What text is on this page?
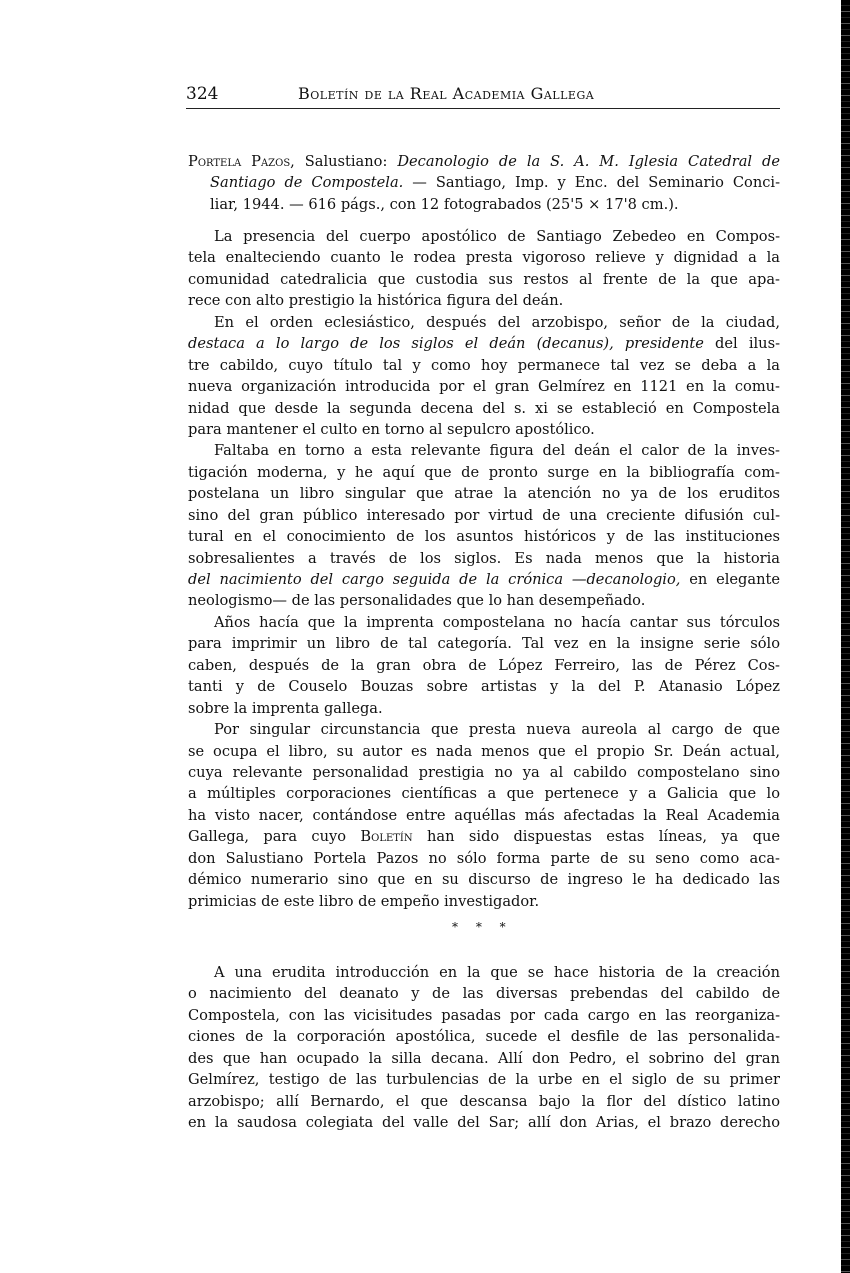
324	Boletín de la Real Academia Gallega
Portela Pazos, Salustiano: Decanologio de la S. A. M. Iglesia Catedral de
Santiago de Compostela. — Santiago, Imp. y Enc. del Seminario Conci-
liar, 1944. — 616 págs., con 12 fotograbados (25'5 × 17'8 cm.).
La presencia del cuerpo apostólico de Santiago Zebedeo en Compos-
tela enalteciendo cuanto le rodea presta vigoroso relieve y dignidad a la
comunidad catedralicia que custodia sus restos al frente de la que apa-
rece con alto prestigio la histórica figura del deán.
En el orden eclesiástico, después del arzobispo, señor de la ciudad,
destaca a lo largo de los siglos el deán (decanus), presidente del ilus-
tre cabildo, cuyo título tal y como hoy permanece tal vez se deba a la
nueva organización introducida por el gran Gelmírez en 1121 en la comu-
nidad que desde la segunda decena del s. xi se estableció en Compostela
para mantener el culto en torno al sepulcro apostólico.
Faltaba en torno a esta relevante figura del deán el calor de la inves-
tigación moderna, y he aquí que de pronto surge en la bibliografía com-
postelana un libro singular que atrae la atención no ya de los eruditos
sino del gran público interesado por virtud de una creciente difusión cul-
tural en el conocimiento de los asuntos históricos y de las instituciones
sobresalientes a través de los siglos. Es nada menos que la historia
del nacimiento del cargo seguida de la crónica —decanologio, en elegante
neologismo— de las personalidades que lo han desempeñado.
Años hacía que la imprenta compostelana no hacía cantar sus tórculos
para imprimir un libro de tal categoría. Tal vez en la insigne serie sólo
caben, después de la gran obra de López Ferreiro, las de Pérez Cos-
tanti y de Couselo Bouzas sobre artistas y la del P. Atanasio López
sobre la imprenta gallega.
Por singular circunstancia que presta nueva aureola al cargo de que
se ocupa el libro, su autor es nada menos que el propio Sr. Deán actual,
cuya relevante personalidad prestigia no ya al cabildo compostelano sino
a múltiples corporaciones científicas a que pertenece y a Galicia que lo
ha visto nacer, contándose entre aquéllas más afectadas la Real Academia
Gallega, para cuyo Boletín han sido dispuestas estas líneas, ya que
don Salustiano Portela Pazos no sólo forma parte de su seno como aca-
démico numerario sino que en su discurso de ingreso le ha dedicado las
primicias de este libro de empeño investigador.
* * *
A una erudita introducción en la que se hace historia de la creación
o nacimiento del deanato y de las diversas prebendas del cabildo de
Compostela, con las vicisitudes pasadas por cada cargo en las reorganiza-
ciones de la corporación apostólica, sucede el desfile de las personalida-
des que han ocupado la silla decana. Allí don Pedro, el sobrino del gran
Gelmírez, testigo de las turbulencias de la urbe en el siglo de su primer
arzobispo; allí Bernardo, el que descansa bajo la flor del dístico latino
en la saudosa colegiata del valle del Sar; allí don Arias, el brazo derecho
